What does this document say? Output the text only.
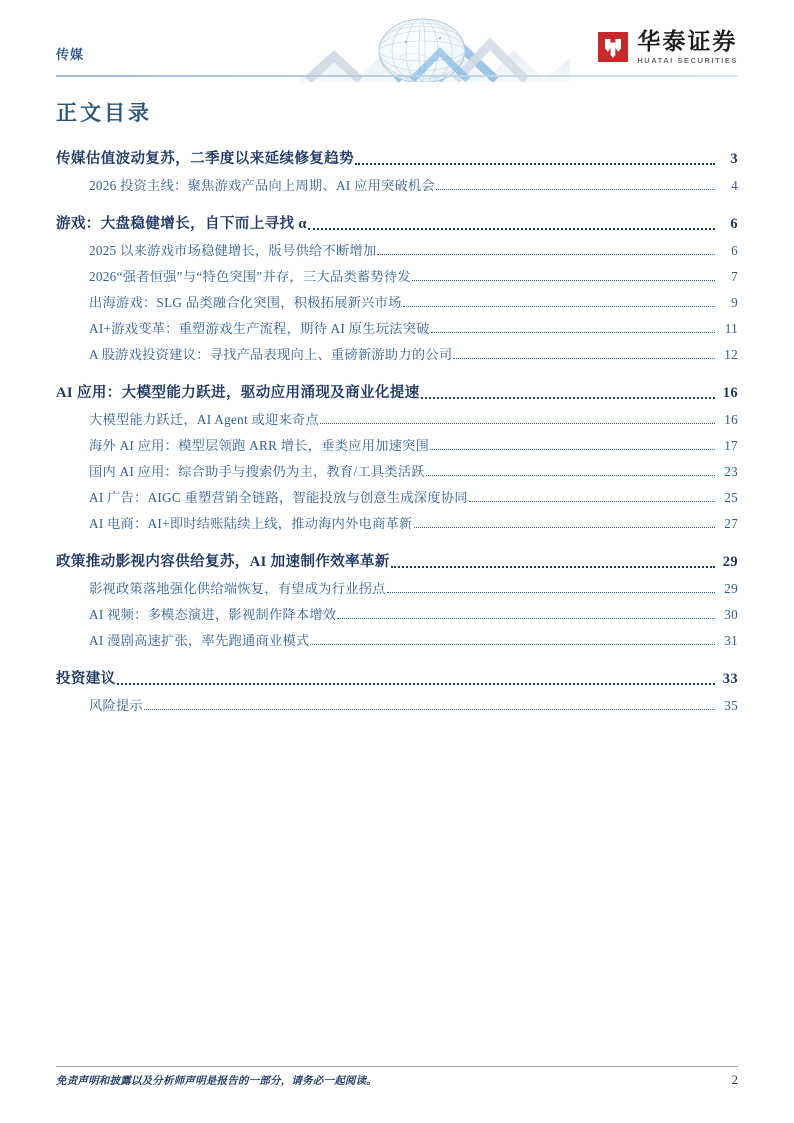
传媒
华泰证券
HUATAI SECURITIES
正文目录
传媒估值波动复苏，二季度以来延续修复趋势	3
2026 投资主线：聚焦游戏产品向上周期、AI 应用突破机会	4
游戏：大盘稳健增长，自下而上寻找 α	6
2025 以来游戏市场稳健增长，版号供给不断增加	6
2026“强者恒强”与“特色突围”并存，三大品类蓄势待发	7
出海游戏：SLG 品类融合化突围，积极拓展新兴市场	9
AI+游戏变革：重塑游戏生产流程，期待 AI 原生玩法突破	11
A 股游戏投资建议：寻找产品表现向上、重磅新游助力的公司	12
AI 应用：大模型能力跃进，驱动应用涌现及商业化提速	16
大模型能力跃迁，AI Agent 或迎来奇点	16
海外 AI 应用：模型层领跑 ARR 增长，垂类应用加速突围	17
国内 AI 应用：综合助手与搜索仍为主，教育/工具类活跃	23
AI 广告：AIGC 重塑营销全链路，智能投放与创意生成深度协同	25
AI 电商：AI+即时结账陆续上线，推动海内外电商革新	27
政策推动影视内容供给复苏，AI 加速制作效率革新	29
影视政策落地强化供给端恢复，有望成为行业拐点	29
AI 视频：多模态演进，影视制作降本增效	30
AI 漫剧高速扩张，率先跑通商业模式	31
投资建议	33
风险提示	35
免责声明和披露以及分析师声明是报告的一部分，请务必一起阅读。	2
